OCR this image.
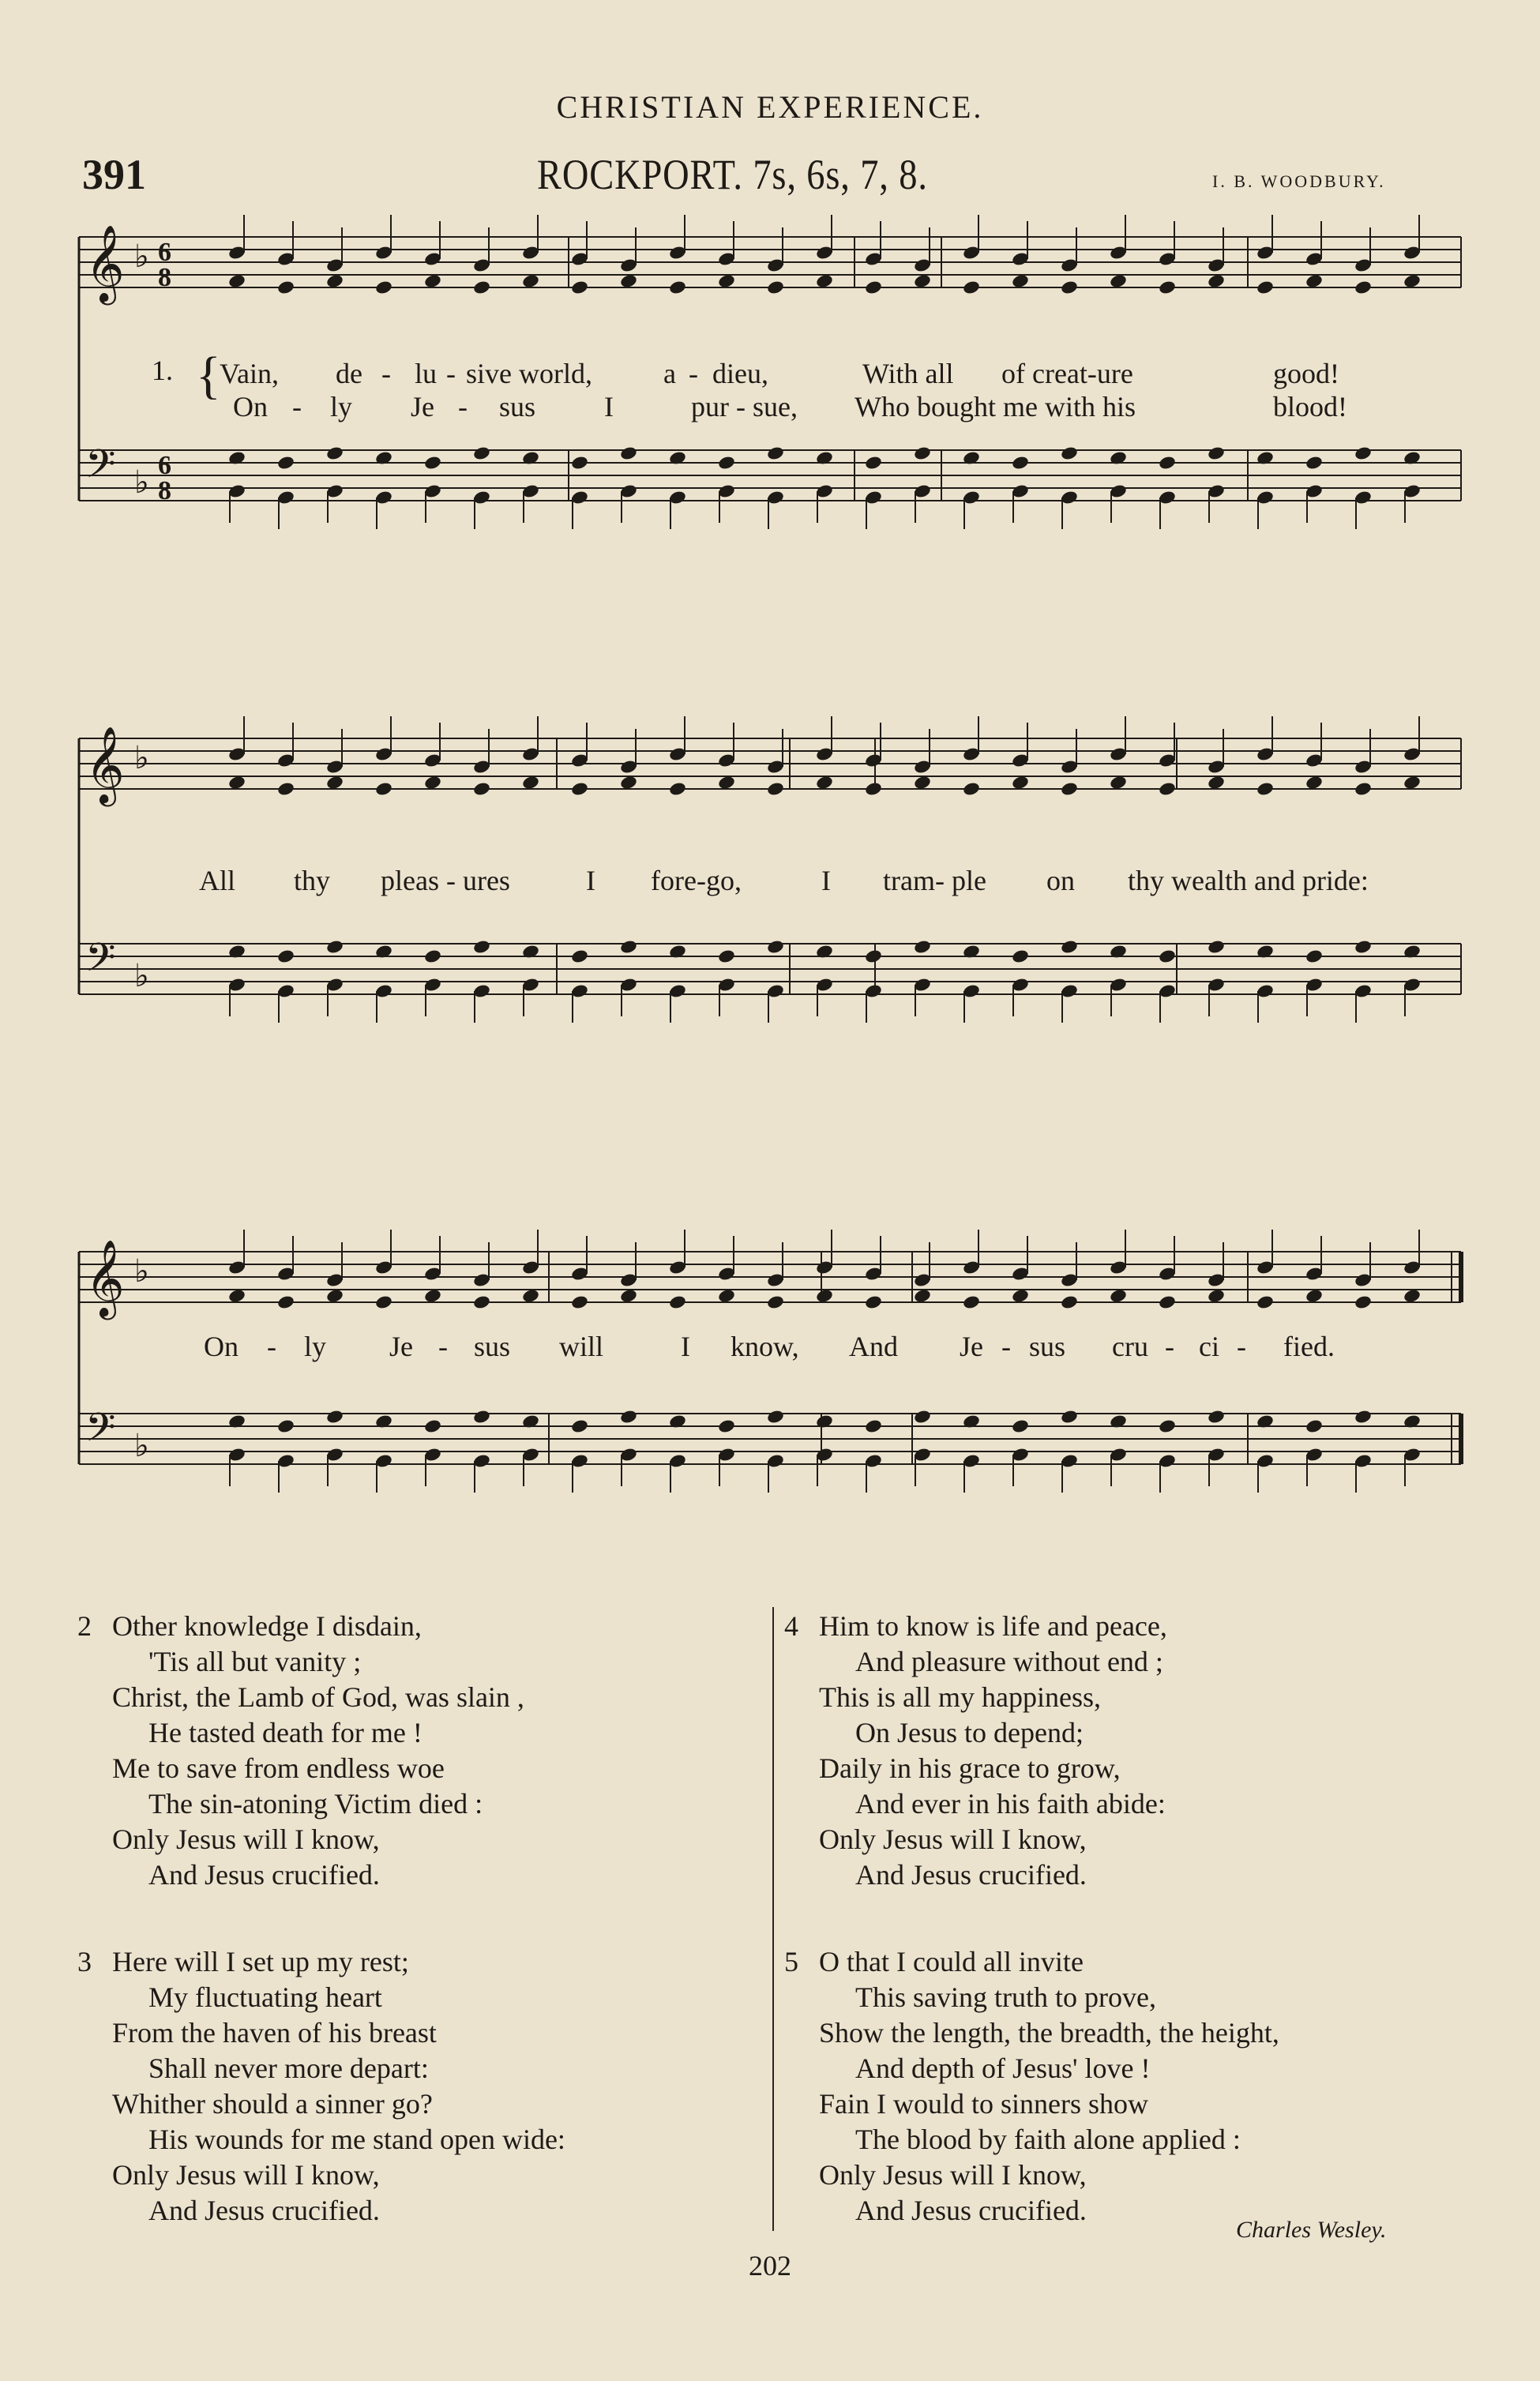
CHRISTIAN EXPERIENCE.
391	ROCKPORT. 7s, 6s, 7, 8.	I. B. WOODBURY.
𝄞 ♭ 6
8
𝄢 ♭ 6
8
𝄞 ♭
𝄢 ♭
𝄞 ♭
𝄢 ♭
1. {
Vain, de - lu - sive world,	a - dieu,	With all of creat-ure	good!
On - ly Je - sus I	pur - sue, Who bought me with his	blood!
All thy pleas - ures	I fore-go,	I tram- ple on thy wealth and pride:
On - ly Je - sus will	I know, And Je - sus cru - ci - fied.
2 Other knowledge I disdain,
'Tis all but vanity ;
Christ, the Lamb of God, was slain ,
He tasted death for me !
Me to save from endless woe
The sin-atoning Victim died :
Only Jesus will I know,
And Jesus crucified.
3 Here will I set up my rest;
My fluctuating heart
From the haven of his breast
Shall never more depart:
Whither should a sinner go?
His wounds for me stand open wide:
Only Jesus will I know,
And Jesus crucified.
4 Him to know is life and peace,
And pleasure without end ;
This is all my happiness,
On Jesus to depend;
Daily in his grace to grow,
And ever in his faith abide:
Only Jesus will I know,
And Jesus crucified.
5 O that I could all invite
This saving truth to prove,
Show the length, the breadth, the height,
And depth of Jesus' love !
Fain I would to sinners show
The blood by faith alone applied :
Only Jesus will I know,
And Jesus crucified.
Charles Wesley.
202
